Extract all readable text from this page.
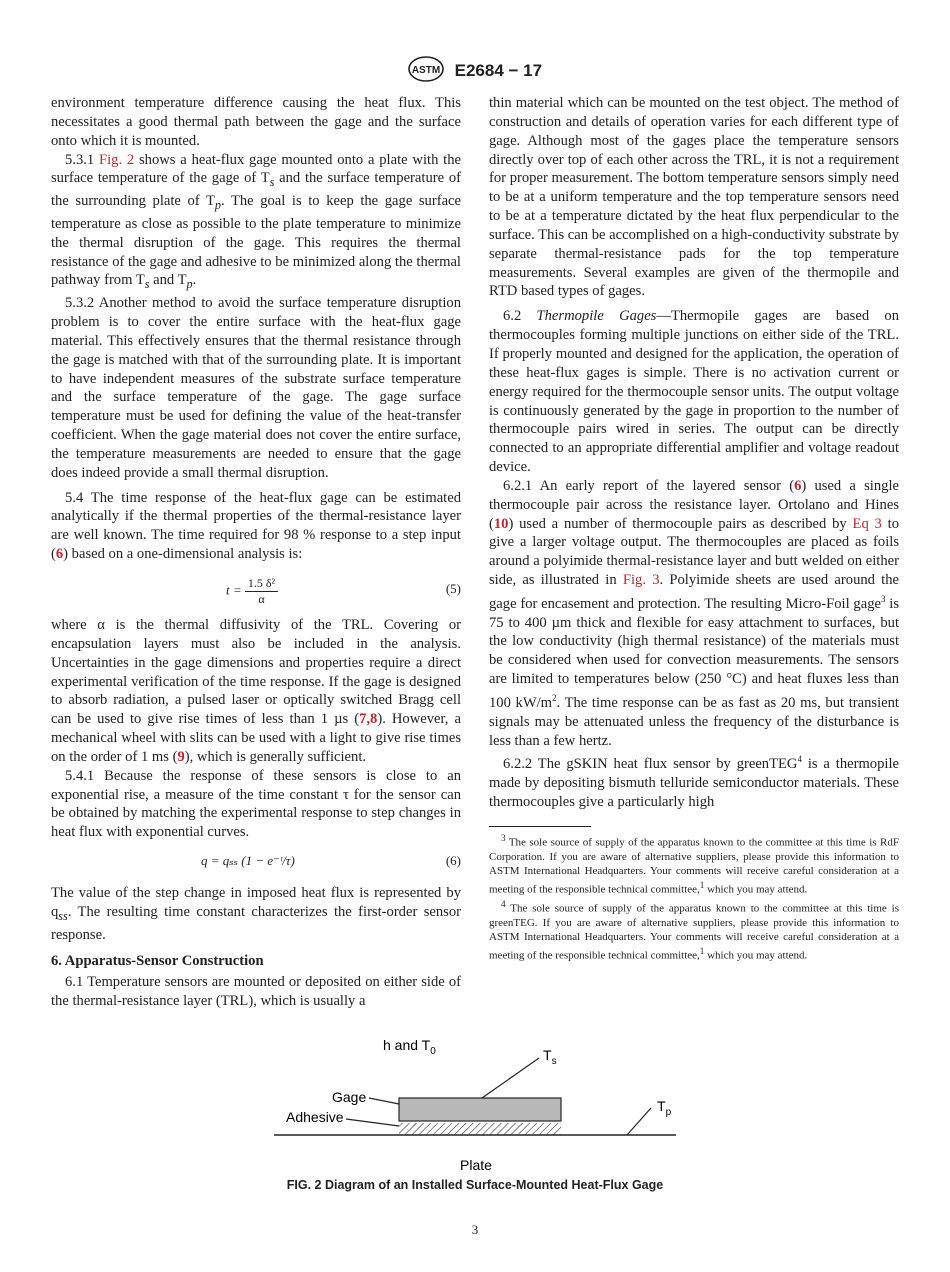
ASTM E2684 − 17

environment temperature difference causing the heat flux. This necessitates a good thermal path between the gage and the surface onto which it is mounted.

5.3.1 Fig. 2 shows a heat-flux gage mounted onto a plate with the surface temperature of the gage of $T_s$ and the surface temperature of the surrounding plate of $T_p$. The goal is to keep the gage surface temperature as close as possible to the plate temperature to minimize the thermal disruption of the gage. This requires the thermal resistance of the gage and adhesive to be minimized along the thermal pathway from $T_s$ and $T_p$.

5.3.2 Another method to avoid the surface temperature disruption problem is to cover the entire surface with the heat-flux gage material. This effectively ensures that the thermal resistance through the gage is matched with that of the surrounding plate. It is important to have independent measures of the substrate surface temperature and the surface temperature of the gage. The gage surface temperature must be used for defining the value of the heat-transfer coefficient. When the gage material does not cover the entire surface, the temperature measurements are needed to ensure that the gage does indeed provide a small thermal disruption.

5.4 The time response of the heat-flux gage can be estimated analytically if the thermal properties of the thermal-resistance layer are well known. The time required for 98 % response to a step input (6) based on a one-dimensional analysis is:

$t = \frac{\text{1.5 δ²}}{\alpha}$	(5)

where α is the thermal diffusivity of the TRL. Covering or encapsulation layers must also be included in the analysis. Uncertainties in the gage dimensions and properties require a direct experimental verification of the time response. If the gage is designed to absorb radiation, a pulsed laser or optically switched Bragg cell can be used to give rise times of less than 1 µs (7,8). However, a mechanical wheel with slits can be used with a light to give rise times on the order of 1 ms (9), which is generally sufficient.

5.4.1 Because the response of these sensors is close to an exponential rise, a measure of the time constant τ for the sensor can be obtained by matching the experimental response to step changes in heat flux with exponential curves.

q = qₛₛ (1 − e⁻ᵗ/τ)	(6)

The value of the step change in imposed heat flux is represented by $q_{ss}$. The resulting time constant characterizes the first-order sensor response.

6. Apparatus-Sensor Construction

6.1 Temperature sensors are mounted or deposited on either side of the thermal-resistance layer (TRL), which is usually a

thin material which can be mounted on the test object. The method of construction and details of operation varies for each different type of gage. Although most of the gages place the temperature sensors directly over top of each other across the TRL, it is not a requirement for proper measurement. The bottom temperature sensors simply need to be at a uniform temperature and the top temperature sensors need to be at a temperature dictated by the heat flux perpendicular to the surface. This can be accomplished on a high-conductivity substrate by separate thermal-resistance pads for the top temperature measurements. Several examples are given of the thermopile and RTD based types of gages.

6.2 Thermopile Gages—Thermopile gages are based on thermocouples forming multiple junctions on either side of the TRL. If properly mounted and designed for the application, the operation of these heat-flux gages is simple. There is no activation current or energy required for the thermocouple sensor units. The output voltage is continuously generated by the gage in proportion to the number of thermocouple pairs wired in series. The output can be directly connected to an appropriate differential amplifier and voltage readout device.

6.2.1 An early report of the layered sensor (6) used a single thermocouple pair across the resistance layer. Ortolano and Hines (10) used a number of thermocouple pairs as described by Eq 3 to give a larger voltage output. The thermocouples are placed as foils around a polyimide thermal-resistance layer and butt welded on either side, as illustrated in Fig. 3. Polyimide sheets are used around the gage for encasement and protection. The resulting Micro-Foil gage$^3$ is 75 to 400 µm thick and flexible for easy attachment to surfaces, but the low conductivity (high thermal resistance) of the materials must be considered when used for convection measurements. The sensors are limited to temperatures below (250 °C) and heat fluxes less than 100 $kW/m^2$. The time response can be as fast as 20 ms, but transient signals may be attenuated unless the frequency of the disturbance is less than a few hertz.

6.2.2 The gSKIN heat flux sensor by greenTEG$^4$ is a thermopile made by depositing bismuth telluride semiconductor materials. These thermocouples give a particularly high

$^3$ The sole source of supply of the apparatus known to the committee at this time is RdF Corporation. If you are aware of alternative suppliers, please provide this information to ASTM International Headquarters. Your comments will receive careful consideration at a meeting of the responsible technical committee,$^1$ which you may attend.

$^4$ The sole source of supply of the apparatus known to the committee at this time is greenTEG. If you are aware of alternative suppliers, please provide this information to ASTM International Headquarters. Your comments will receive careful consideration at a meeting of the responsible technical committee,$^1$ which you may attend.

h and $T_0$	$T_s$
Gage
Adhesive
$T_p$
Plate
FIG. 2 Diagram of an Installed Surface-Mounted Heat-Flux Gage
3
